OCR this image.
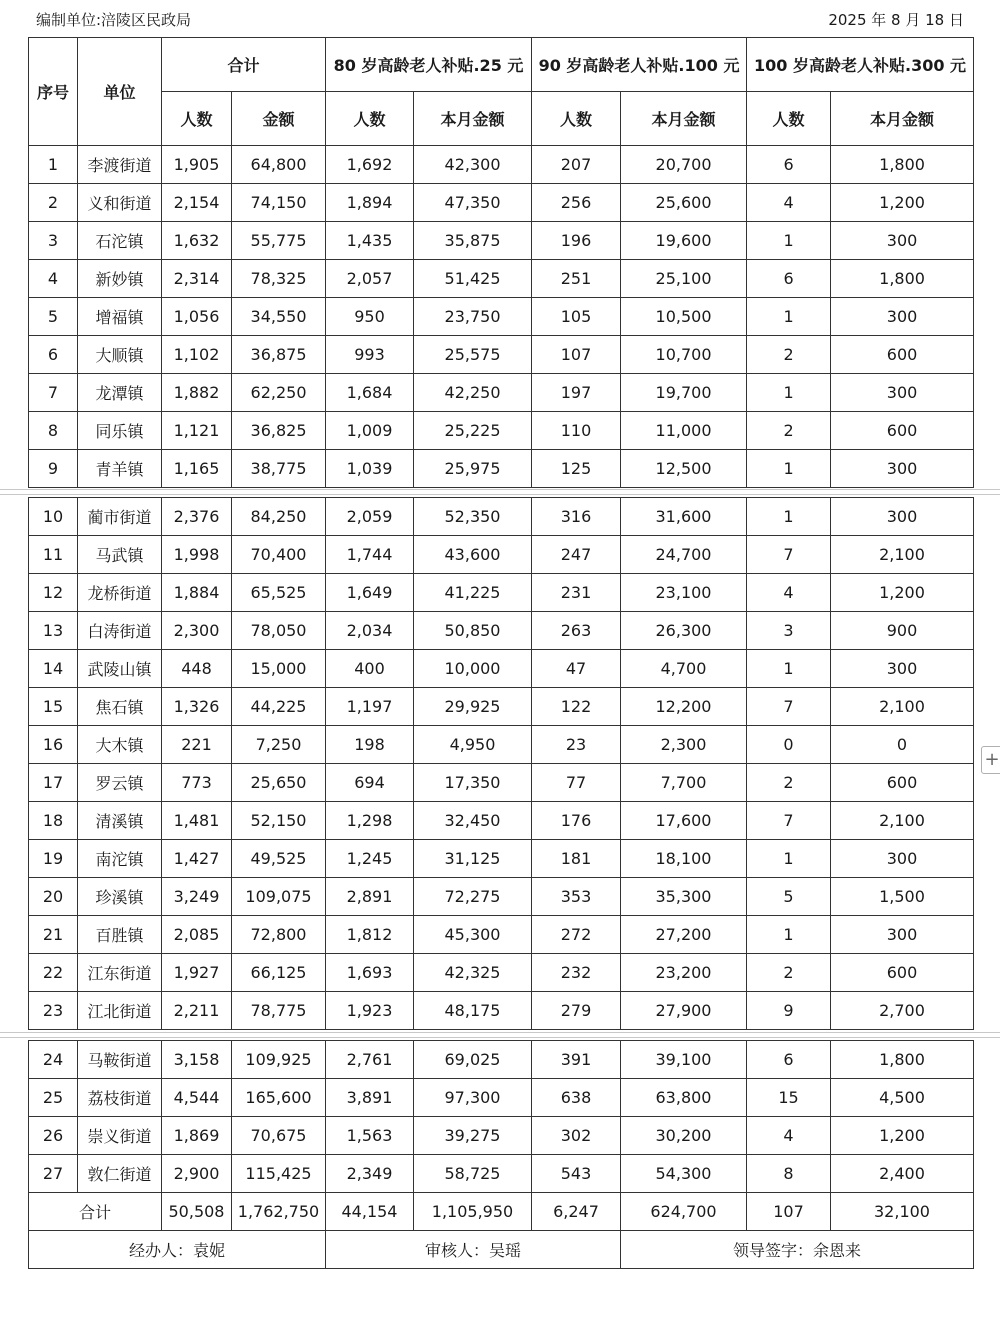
编制单位:涪陵区民政局	2025 年 8 月 18 日
序号	单位	合计		80 岁高龄老人补贴.25 元		90 岁高龄老人补贴.100 元		100 岁高龄老人补贴.300 元	
		人数	金额	人数	本月金额	人数	本月金额	人数	本月金额
1	李渡街道	1,905	64,800	1,692	42,300	207	20,700	6	1,800
2	义和街道	2,154	74,150	1,894	47,350	256	25,600	4	1,200
3	石沱镇	1,632	55,775	1,435	35,875	196	19,600	1	300
4	新妙镇	2,314	78,325	2,057	51,425	251	25,100	6	1,800
5	增福镇	1,056	34,550	950	23,750	105	10,500	1	300
6	大顺镇	1,102	36,875	993	25,575	107	10,700	2	600
7	龙潭镇	1,882	62,250	1,684	42,250	197	19,700	1	300
8	同乐镇	1,121	36,825	1,009	25,225	110	11,000	2	600
9	青羊镇	1,165	38,775	1,039	25,975	125	12,500	1	300
10	蔺市街道	2,376	84,250	2,059	52,350	316	31,600	1	300
11	马武镇	1,998	70,400	1,744	43,600	247	24,700	7	2,100
12	龙桥街道	1,884	65,525	1,649	41,225	231	23,100	4	1,200
13	白涛街道	2,300	78,050	2,034	50,850	263	26,300	3	900
14	武陵山镇	448	15,000	400	10,000	47	4,700	1	300
15	焦石镇	1,326	44,225	1,197	29,925	122	12,200	7	2,100
16	大木镇	221	7,250	198	4,950	23	2,300	0	0
17	罗云镇	773	25,650	694	17,350	77	7,700	2	600
18	清溪镇	1,481	52,150	1,298	32,450	176	17,600	7	2,100
19	南沱镇	1,427	49,525	1,245	31,125	181	18,100	1	300
20	珍溪镇	3,249	109,075	2,891	72,275	353	35,300	5	1,500
21	百胜镇	2,085	72,800	1,812	45,300	272	27,200	1	300
22	江东街道	1,927	66,125	1,693	42,325	232	23,200	2	600
23	江北街道	2,211	78,775	1,923	48,175	279	27,900	9	2,700
24	马鞍街道	3,158	109,925	2,761	69,025	391	39,100	6	1,800
25	荔枝街道	4,544	165,600	3,891	97,300	638	63,800	15	4,500
26	崇义街道	1,869	70,675	1,563	39,275	302	30,200	4	1,200
27	敦仁街道	2,900	115,425	2,349	58,725	543	54,300	8	2,400
合计		50,508	1,762,750	44,154	1,105,950	6,247	624,700	107	32,100
经办人：袁妮				审核人：吴瑶			领导签字：余恩来		
+
